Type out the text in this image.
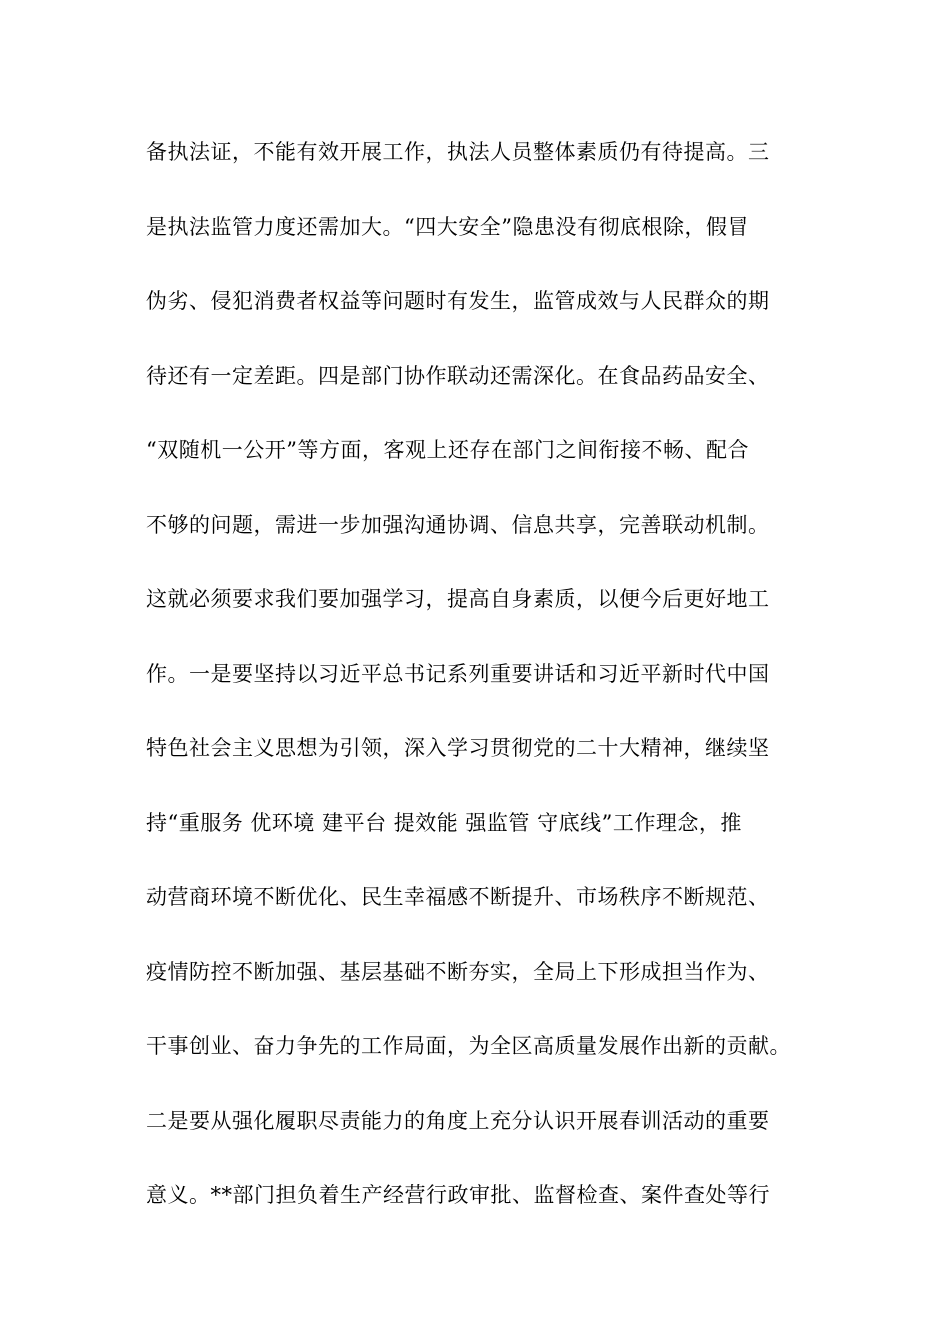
备执法证，不能有效开展工作，执法人员整体素质仍有待提高。三
是执法监管力度还需加大。“四大安全”隐患没有彻底根除，假冒
伪劣、侵犯消费者权益等问题时有发生，监管成效与人民群众的期
待还有一定差距。四是部门协作联动还需深化。在食品药品安全、
“双随机一公开”等方面，客观上还存在部门之间衔接不畅、配合
不够的问题，需进一步加强沟通协调、信息共享，完善联动机制。
这就必须要求我们要加强学习，提高自身素质，以便今后更好地工
作。一是要坚持以习近平总书记系列重要讲话和习近平新时代中国
特色社会主义思想为引领，深入学习贯彻党的二十大精神，继续坚
持“重服务 优环境 建平台 提效能 强监管 守底线”工作理念，推
动营商环境不断优化、民生幸福感不断提升、市场秩序不断规范、
疫情防控不断加强、基层基础不断夯实，全局上下形成担当作为、
干事创业、奋力争先的工作局面，为全区高质量发展作出新的贡献。
二是要从强化履职尽责能力的角度上充分认识开展春训活动的重要
意义。**部门担负着生产经营行政审批、监督检查、案件查处等行
